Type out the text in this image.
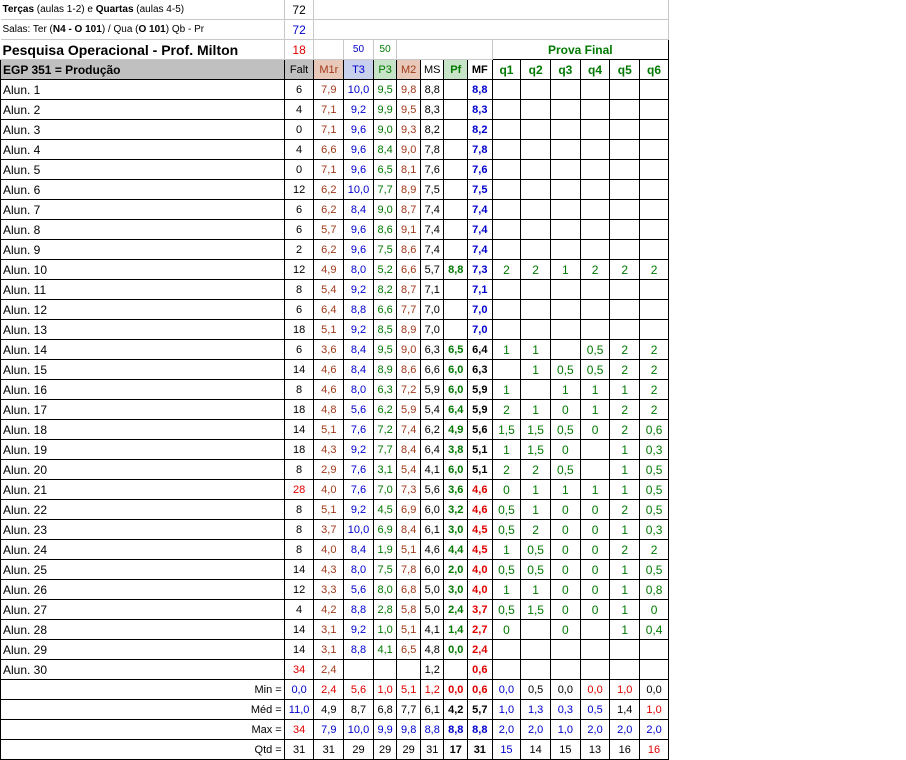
Terças (aulas 1-2) e Quartas (aulas 4-5)	72													
Salas: Ter (N4 - O 101) / Qua (O 101) Qb - Pr	72													
Pesquisa Operacional - Prof. Milton	18		50	50					Prova Final					
EGP 351 = Produção	Falt	M1r	T3	P3	M2	MS	Pf	MF	q1	q2	q3	q4	q5	q6
Alun. 1	6	7,9	10,0	9,5	9,8	8,8		8,8						
Alun. 2	4	7,1	9,2	9,9	9,5	8,3		8,3						
Alun. 3	0	7,1	9,6	9,0	9,3	8,2		8,2						
Alun. 4	4	6,6	9,6	8,4	9,0	7,8		7,8						
Alun. 5	0	7,1	9,6	6,5	8,1	7,6		7,6						
Alun. 6	12	6,2	10,0	7,7	8,9	7,5		7,5						
Alun. 7	6	6,2	8,4	9,0	8,7	7,4		7,4						
Alun. 8	6	5,7	9,6	8,6	9,1	7,4		7,4						
Alun. 9	2	6,2	9,6	7,5	8,6	7,4		7,4						
Alun. 10	12	4,9	8,0	5,2	6,6	5,7	8,8	7,3	2	2	1	2	2	2
Alun. 11	8	5,4	9,2	8,2	8,7	7,1		7,1						
Alun. 12	6	6,4	8,8	6,6	7,7	7,0		7,0						
Alun. 13	18	5,1	9,2	8,5	8,9	7,0		7,0						
Alun. 14	6	3,6	8,4	9,5	9,0	6,3	6,5	6,4	1	1		0,5	2	2
Alun. 15	14	4,6	8,4	8,9	8,6	6,6	6,0	6,3		1	0,5	0,5	2	2
Alun. 16	8	4,6	8,0	6,3	7,2	5,9	6,0	5,9	1		1	1	1	2
Alun. 17	18	4,8	5,6	6,2	5,9	5,4	6,4	5,9	2	1	0	1	2	2
Alun. 18	14	5,1	7,6	7,2	7,4	6,2	4,9	5,6	1,5	1,5	0,5	0	2	0,6
Alun. 19	18	4,3	9,2	7,7	8,4	6,4	3,8	5,1	1	1,5	0		1	0,3
Alun. 20	8	2,9	7,6	3,1	5,4	4,1	6,0	5,1	2	2	0,5		1	0,5
Alun. 21	28	4,0	7,6	7,0	7,3	5,6	3,6	4,6	0	1	1	1	1	0,5
Alun. 22	8	5,1	9,2	4,5	6,9	6,0	3,2	4,6	0,5	1	0	0	2	0,5
Alun. 23	8	3,7	10,0	6,9	8,4	6,1	3,0	4,5	0,5	2	0	0	1	0,3
Alun. 24	8	4,0	8,4	1,9	5,1	4,6	4,4	4,5	1	0,5	0	0	2	2
Alun. 25	14	4,3	8,0	7,5	7,8	6,0	2,0	4,0	0,5	0,5	0	0	1	0,5
Alun. 26	12	3,3	5,6	8,0	6,8	5,0	3,0	4,0	1	1	0	0	1	0,8
Alun. 27	4	4,2	8,8	2,8	5,8	5,0	2,4	3,7	0,5	1,5	0	0	1	0
Alun. 28	14	3,1	9,2	1,0	5,1	4,1	1,4	2,7	0		0		1	0,4
Alun. 29	14	3,1	8,8	4,1	6,5	4,8	0,0	2,4						
Alun. 30	34	2,4				1,2		0,6						
Min =	0,0	2,4	5,6	1,0	5,1	1,2	0,0	0,6	0,0	0,5	0,0	0,0	1,0	0,0
Méd =	11,0	4,9	8,7	6,8	7,7	6,1	4,2	5,7	1,0	1,3	0,3	0,5	1,4	1,0
Max =	34	7,9	10,0	9,9	9,8	8,8	8,8	8,8	2,0	2,0	1,0	2,0	2,0	2,0
Qtd =	31	31	29	29	29	31	17	31	15	14	15	13	16	16
